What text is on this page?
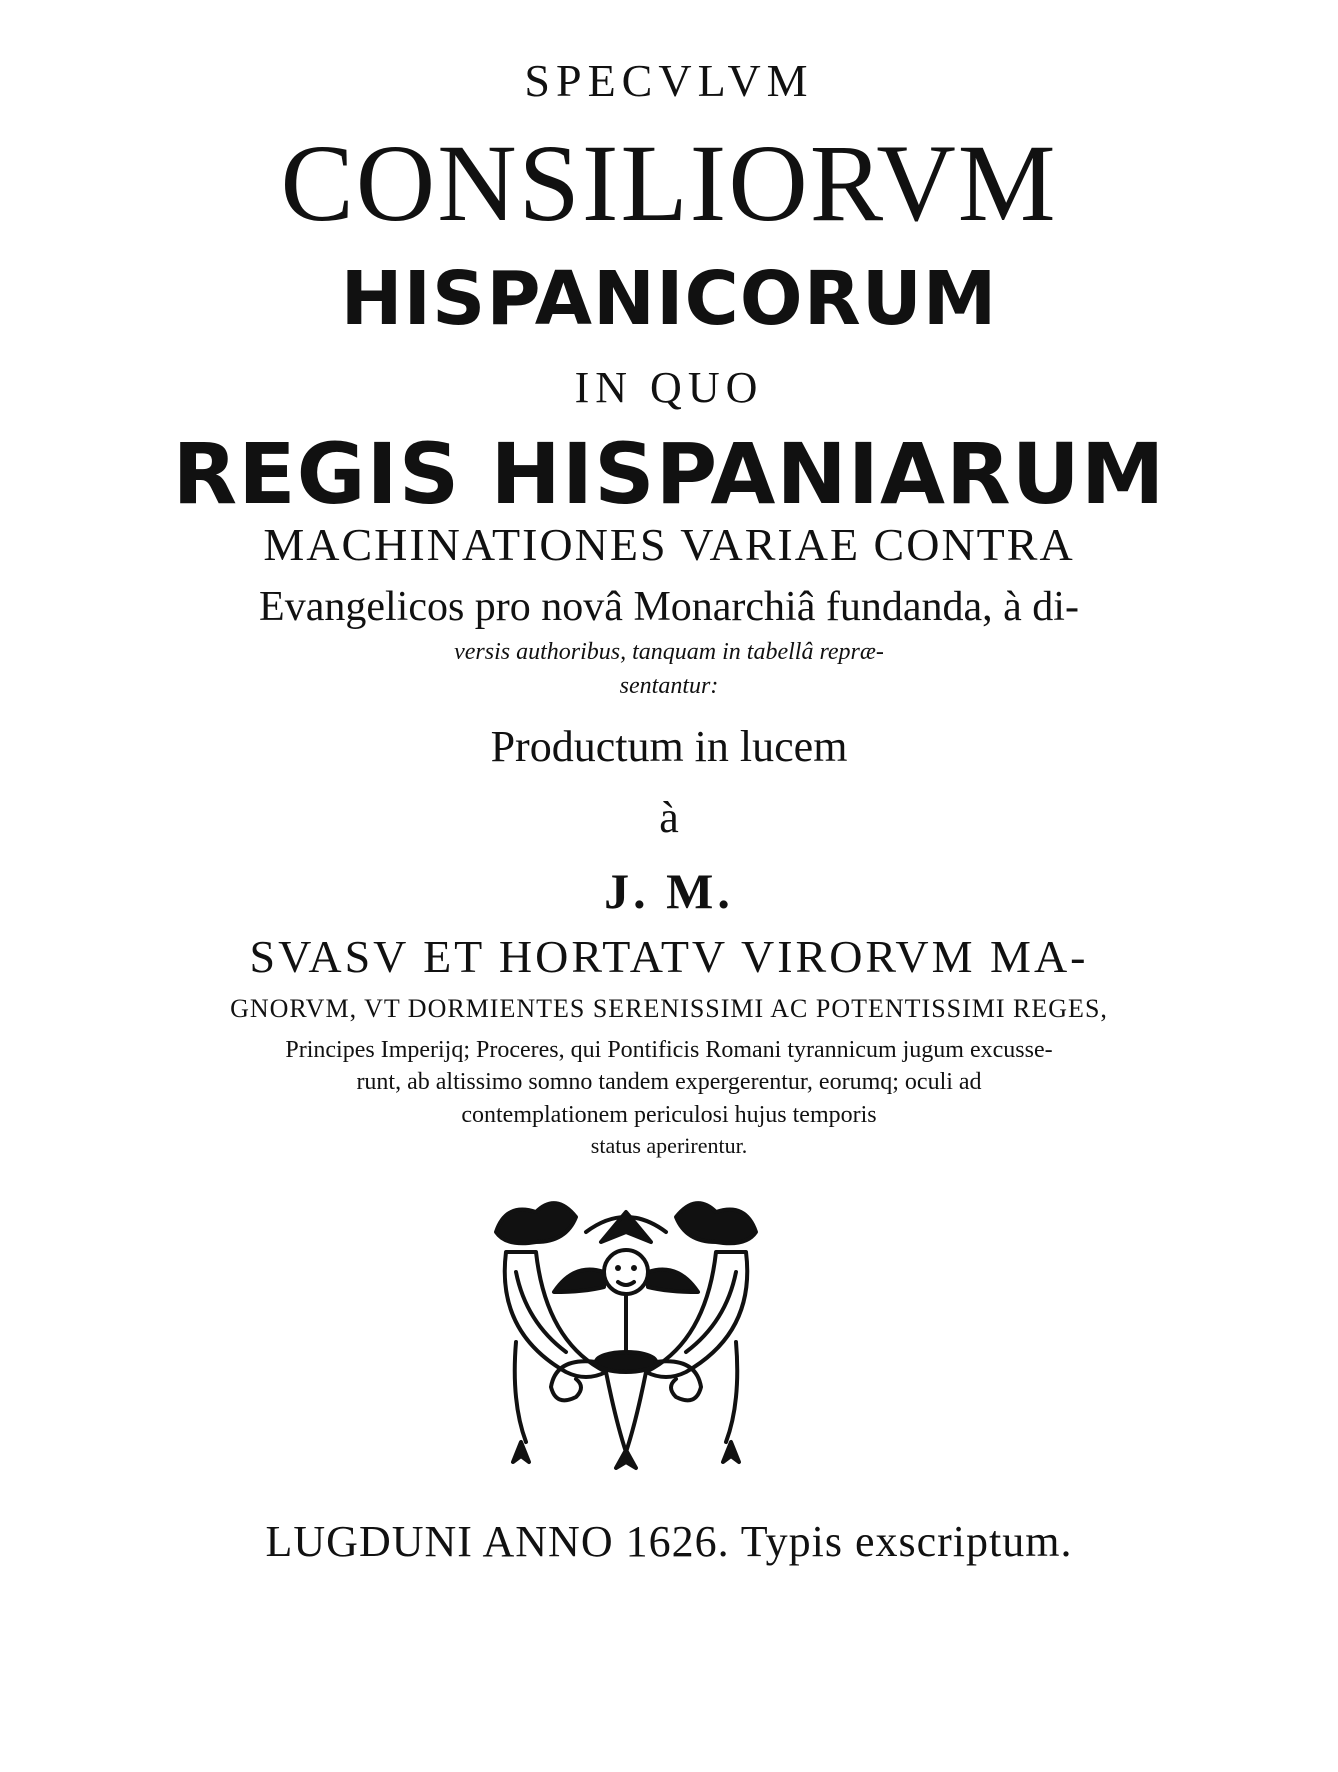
SPECVLVM
CONSILIORVM
HISPANICORUM
IN QUO
REGIS HISPANIARUM
MACHINATIONES VARIAE CONTRA
Evangelicos pro novâ Monarchiâ fundanda, à di-
versis authoribus, tanquam in tabellâ repræ-
sentantur:
Productum in lucem
à
J. M.
SVASV ET HORTATV VIRORVM MA-
GNORVM, VT DORMIENTES SERENISSIMI AC POTENTISSIMI REGES,
Principes Imperijq; Proceres, qui Pontificis Romani tyrannicum jugum excusse-
runt, ab altissimo somno tandem expergerentur, eorumq; oculi ad
contemplationem periculosi hujus temporis
status aperirentur.
LUGDUNI ANNO 1626. Typis exscriptum.
